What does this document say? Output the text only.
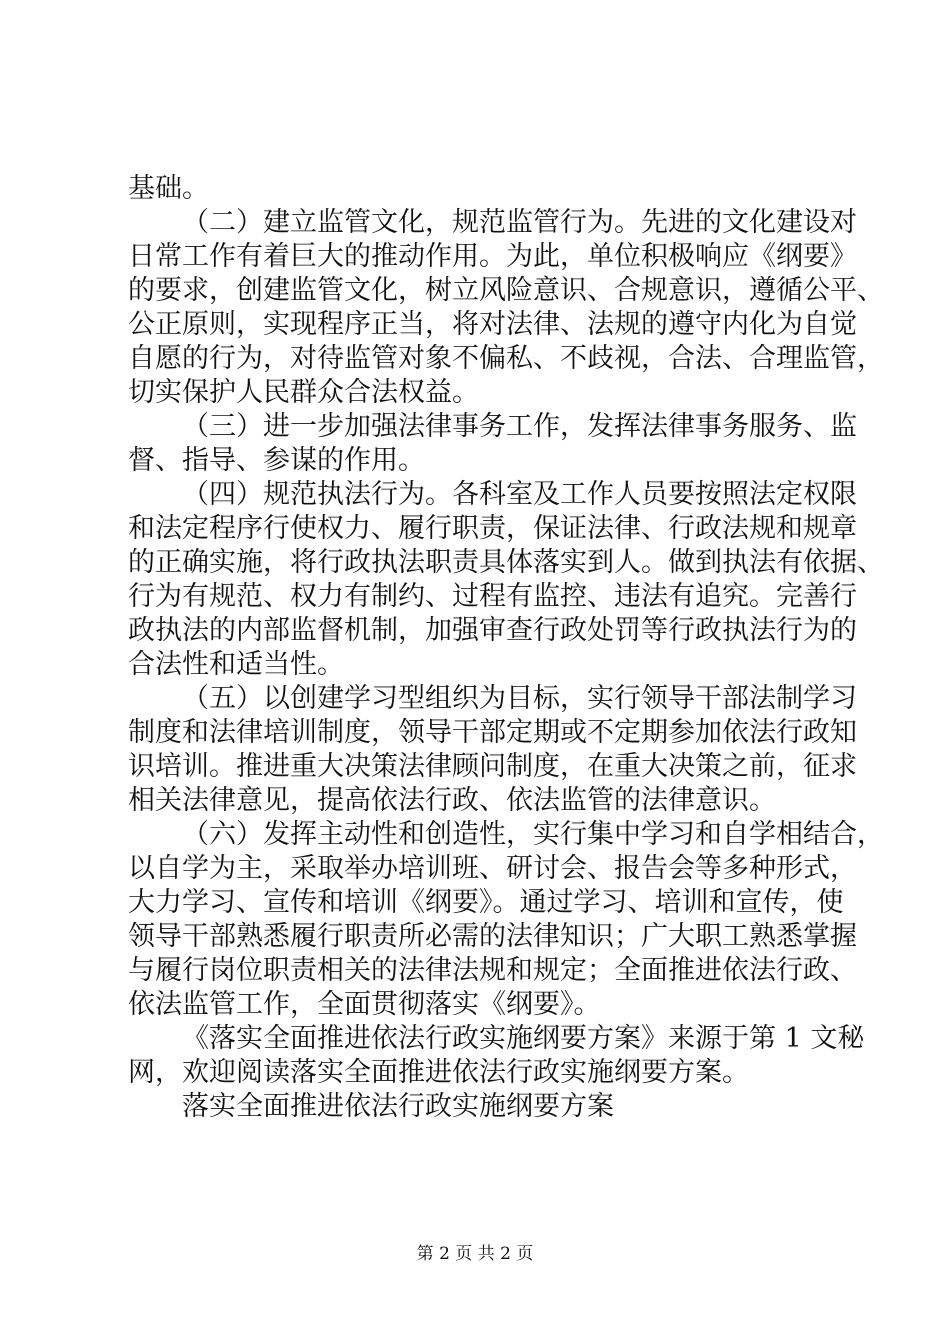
基础。
（二）建立监管文化，规范监管行为。先进的文化建设对
日常工作有着巨大的推动作用。为此，单位积极响应《纲要》
的要求，创建监管文化，树立风险意识、合规意识，遵循公平、
公正原则，实现程序正当，将对法律、法规的遵守内化为自觉
自愿的行为，对待监管对象不偏私、不歧视，合法、合理监管，
切实保护人民群众合法权益。
（三）进一步加强法律事务工作，发挥法律事务服务、监
督、指导、参谋的作用。
（四）规范执法行为。各科室及工作人员要按照法定权限
和法定程序行使权力、履行职责，保证法律、行政法规和规章
的正确实施，将行政执法职责具体落实到人。做到执法有依据、
行为有规范、权力有制约、过程有监控、违法有追究。完善行
政执法的内部监督机制，加强审查行政处罚等行政执法行为的
合法性和适当性。
（五）以创建学习型组织为目标，实行领导干部法制学习
制度和法律培训制度，领导干部定期或不定期参加依法行政知
识培训。推进重大决策法律顾问制度，在重大决策之前，征求
相关法律意见，提高依法行政、依法监管的法律意识。
（六）发挥主动性和创造性，实行集中学习和自学相结合，
以自学为主，采取举办培训班、研讨会、报告会等多种形式，
大力学习、宣传和培训《纲要》。通过学习、培训和宣传，使
领导干部熟悉履行职责所必需的法律知识；广大职工熟悉掌握
与履行岗位职责相关的法律法规和规定；全面推进依法行政、
依法监管工作，全面贯彻落实《纲要》。
《落实全面推进依法行政实施纲要方案》来源于第 1 文秘
网，欢迎阅读落实全面推进依法行政实施纲要方案。
落实全面推进依法行政实施纲要方案
第 2 页 共 2 页
